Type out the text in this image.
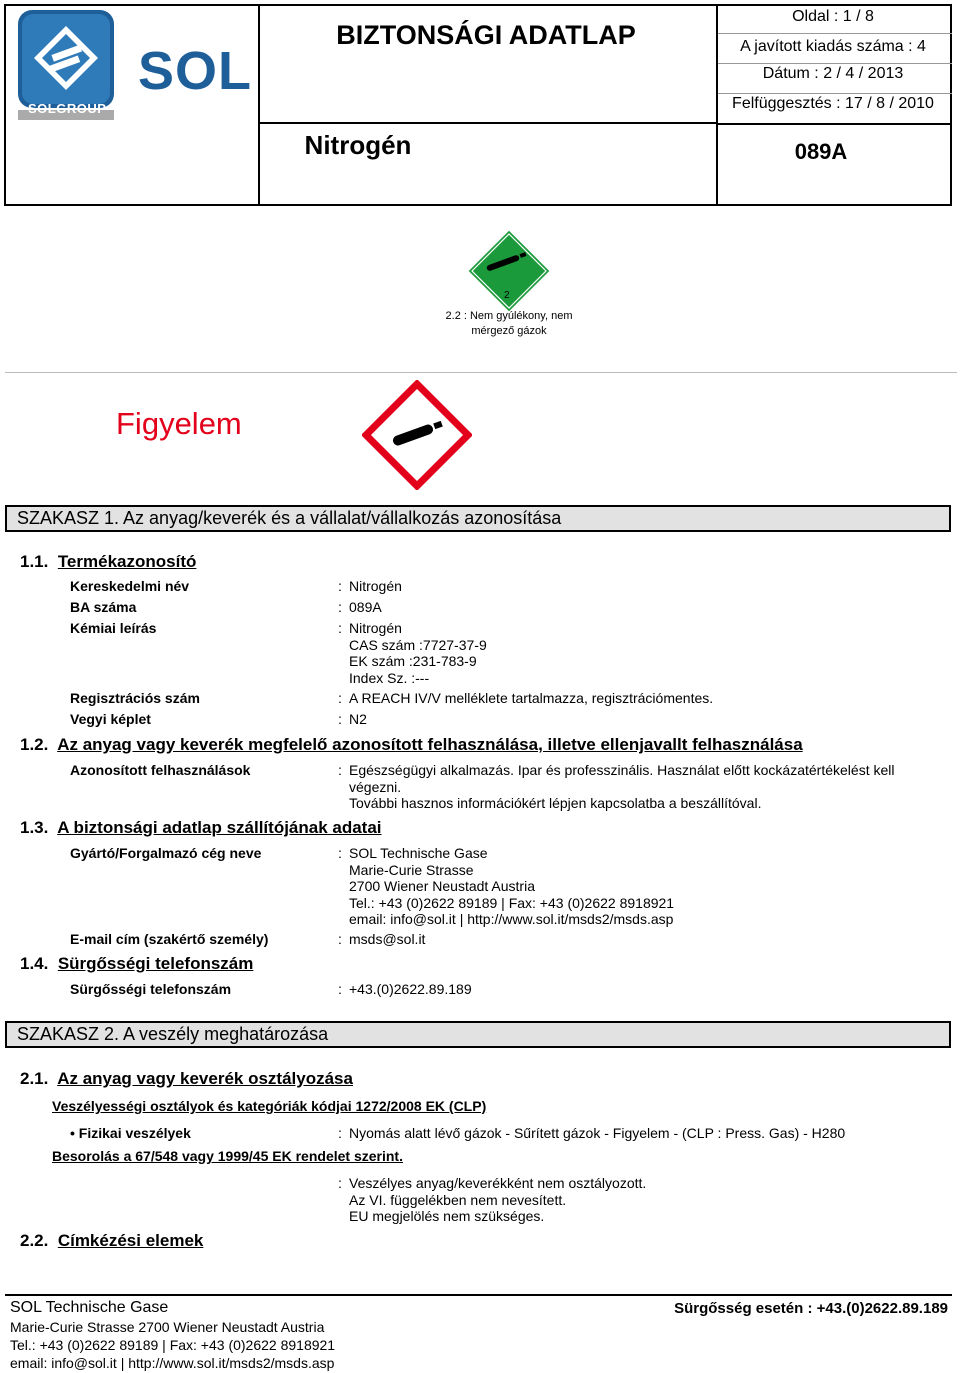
SOL
SOLGROUP
BIZTONSÁGI ADATLAP
Nitrogén
Oldal : 1 / 8
A javított kiadás száma : 4
Dátum : 2 / 4 / 2013
Felfüggesztés : 17 / 8 / 2010
089A
2
2.2 : Nem gyúlékony, nem
mérgező gázok
Figyelem
SZAKASZ 1. Az anyag/keverék és a vállalat/vállalkozás azonosítása
1.1. Termékazonosító
Kereskedelmi név	: Nitrogén
BA száma	: 089A
Kémiai leírás	: Nitrogén
CAS szám :7727-37-9
EK szám :231-783-9
Index Sz. :---
Regisztrációs szám	: A REACH IV/V melléklete tartalmazza, regisztrációmentes.
Vegyi képlet	: N2
1.2. Az anyag vagy keverék megfelelő azonosított felhasználása, illetve ellenjavallt felhasználása
Azonosított felhasználások	: Egészségügyi alkalmazás. Ipar és professzinális. Használat előtt kockázatértékelést kell
végezni.
További hasznos információkért lépjen kapcsolatba a beszállítóval.
1.3. A biztonsági adatlap szállítójának adatai
Gyártó/Forgalmazó cég neve	: SOL Technische Gase
Marie-Curie Strasse
2700 Wiener Neustadt Austria
Tel.: +43 (0)2622 89189 | Fax: +43 (0)2622 8918921
email: info@sol.it | http://www.sol.it/msds2/msds.asp
E-mail cím (szakértő személy)	: msds@sol.it
1.4. Sürgősségi telefonszám
Sürgősségi telefonszám	: +43.(0)2622.89.189
SZAKASZ 2. A veszély meghatározása
2.1. Az anyag vagy keverék osztályozása
Veszélyességi osztályok és kategóriák kódjai 1272/2008 EK (CLP)
• Fizikai veszélyek	: Nyomás alatt lévő gázok - Sűrített gázok - Figyelem - (CLP : Press. Gas) - H280
Besorolás a 67/548 vagy 1999/45 EK rendelet szerint.
: Veszélyes anyag/keverékként nem osztályozott.
Az VI. függelékben nem nevesített.
EU megjelölés nem szükséges.
2.2. Címkézési elemek
SOL Technische Gase	Sürgősség esetén : +43.(0)2622.89.189
Marie-Curie Strasse 2700 Wiener Neustadt Austria
Tel.: +43 (0)2622 89189 | Fax: +43 (0)2622 8918921
email: info@sol.it | http://www.sol.it/msds2/msds.asp
